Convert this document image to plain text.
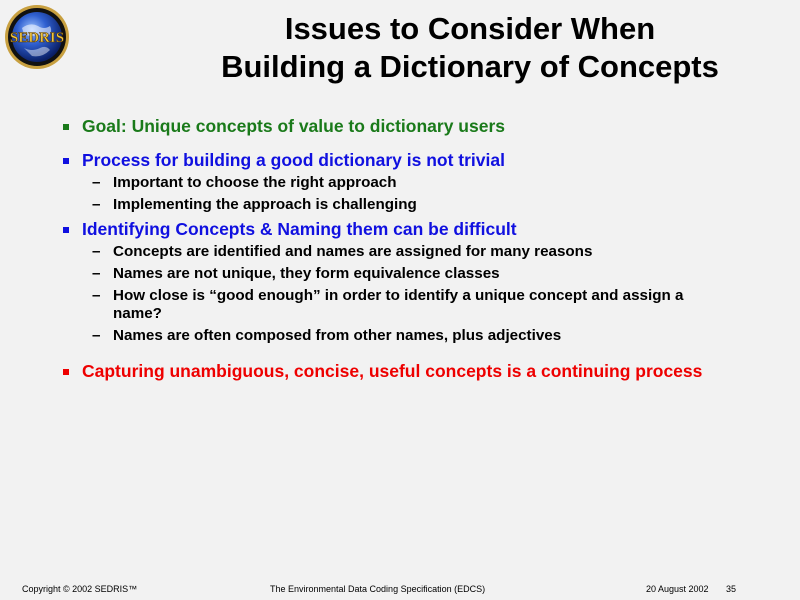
SEDRIS	Issues to Consider When
Building a Dictionary of Concepts
Goal: Unique concepts of value to dictionary users
Process for building a good dictionary is not trivial
– Important to choose the right approach
– Implementing the approach is challenging
Identifying Concepts & Naming them can be difficult
– Concepts are identified and names are assigned for many reasons
– Names are not unique, they form equivalence classes
– How close is “good enough” in order to identify a unique concept and assign a name?
– Names are often composed from other names, plus adjectives
Capturing unambiguous, concise, useful concepts is a continuing process
Copyright © 2002 SEDRIS™	The Environmental Data Coding Specification (EDCS)	20 August 2002 35
